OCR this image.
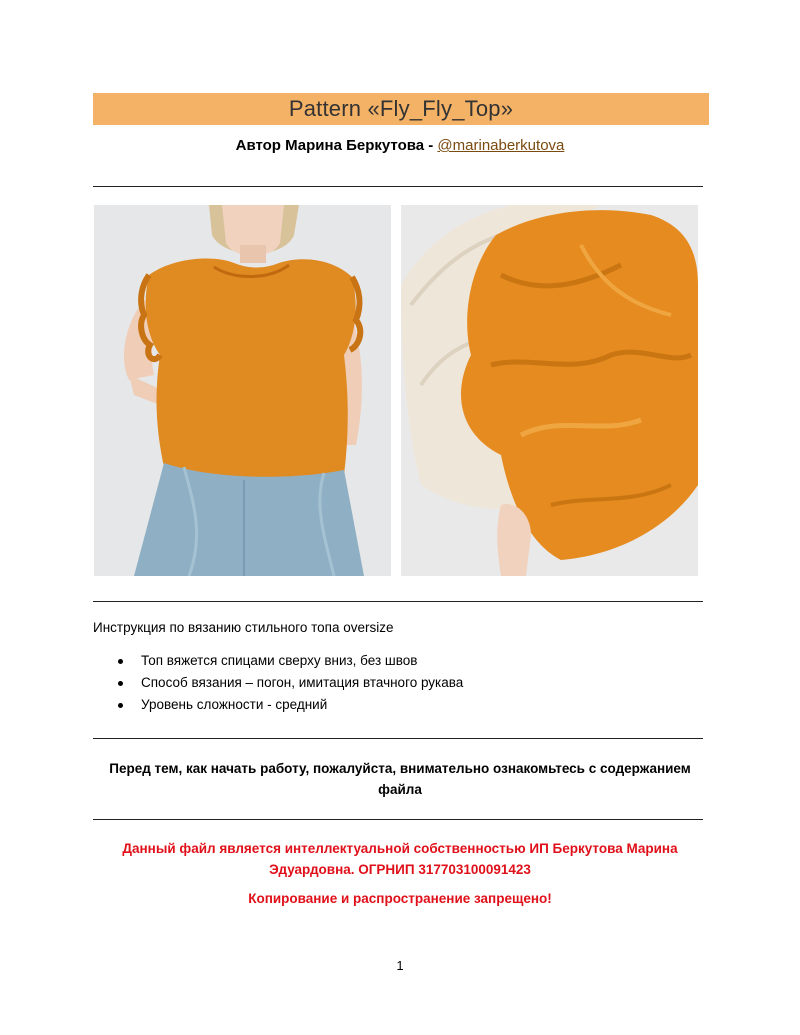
Pattern «Fly_Fly_Top»
Автор Марина Беркутова - @marinaberkutova
Инструкция по вязанию стильного топа oversize
Топ вяжется спицами сверху вниз, без швов
Способ вязания – погон, имитация втачного рукава
Уровень сложности - средний
Перед тем, как начать работу, пожалуйста, внимательно ознакомьтесь с содержанием файла
Данный файл является интеллектуальной собственностью ИП Беркутова Марина Эдуардовна. ОГРНИП 317703100091423
Копирование и распространение запрещено!
1
